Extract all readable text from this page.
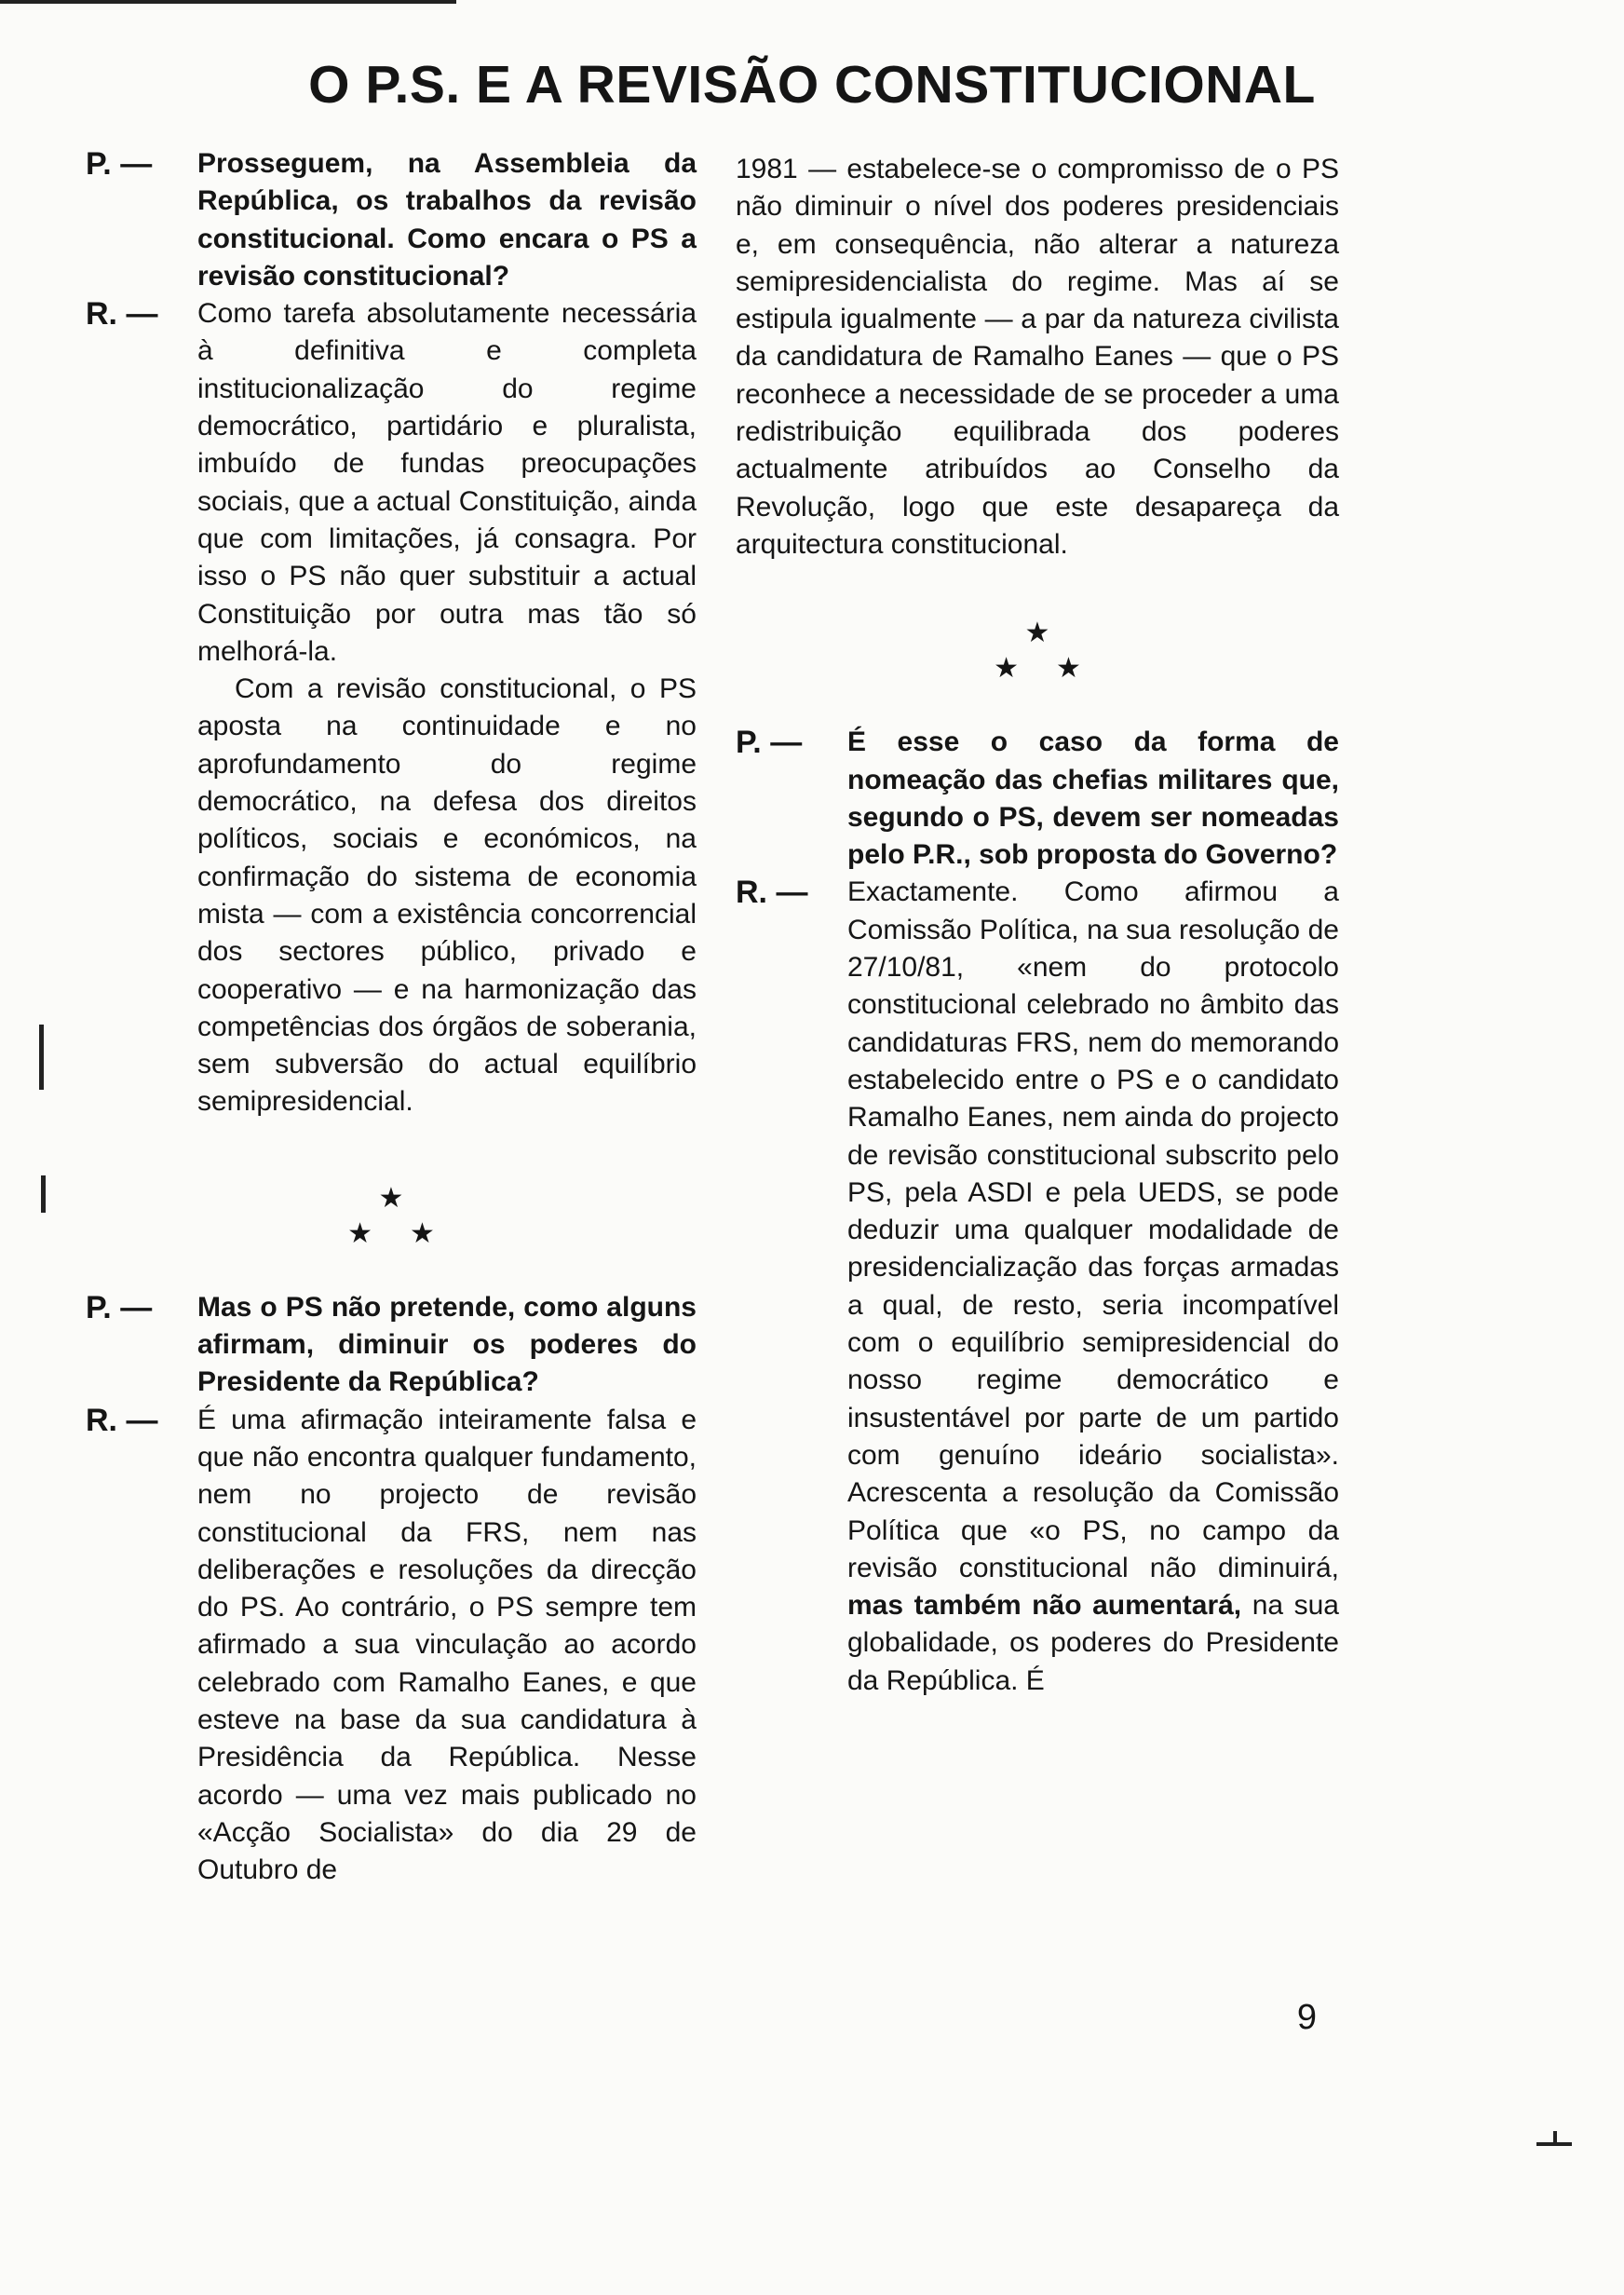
O P.S. E A REVISÃO CONSTITUCIONAL
P. —	Prosseguem, na Assembleia da República, os trabalhos da revisão constitucional. Como encara o PS a revisão constitucional?
R. —	Como tarefa absolutamente necessária à definitiva e completa institucionalização do regime democrático, partidário e pluralista, imbuído de fundas preocupações sociais, que a actual Constituição, ainda que com limitações, já consagra. Por isso o PS não quer substituir a actual Constituição por outra mas tão só melhorá-la.

Com a revisão constitucional, o PS aposta na continuidade e no aprofundamento do regime democrático, na defesa dos direitos políticos, sociais e económicos, na confirmação do sistema de economia mista — com a existência concorrencial dos sectores público, privado e cooperativo — e na harmonização das competências dos órgãos de soberania, sem subversão do actual equilíbrio semipresidencial.

★
★★
P. —	Mas o PS não pretende, como alguns afirmam, diminuir os poderes do Presidente da República?
R. —	É uma afirmação inteiramente falsa e que não encontra qualquer fundamento, nem no projecto de revisão constitucional da FRS, nem nas deliberações e resoluções da direcção do PS. Ao contrário, o PS sempre tem afirmado a sua vinculação ao acordo celebrado com Ramalho Eanes, e que esteve na base da sua candidatura à Presidência da República. Nesse acordo — uma vez mais publicado no «Acção Socialista» do dia 29 de Outubro de

1981 — estabelece-se o compromisso de o PS não diminuir o nível dos poderes presidenciais e, em consequência, não alterar a natureza semipresidencialista do regime. Mas aí se estipula igualmente — a par da natureza civilista da candidatura de Ramalho Eanes — que o PS reconhece a necessidade de se proceder a uma redistribuição equilibrada dos poderes actualmente atribuídos ao Conselho da Revolução, logo que este desapareça da arquitectura constitucional.

★
★★
P. —	É esse o caso da forma de nomeação das chefias militares que, segundo o PS, devem ser nomeadas pelo P.R., sob proposta do Governo?
R. —	Exactamente. Como afirmou a Comissão Política, na sua resolução de 27/10/81, «nem do protocolo constitucional celebrado no âmbito das candidaturas FRS, nem do memorando estabelecido entre o PS e o candidato Ramalho Eanes, nem ainda do projecto de revisão constitucional subscrito pelo PS, pela ASDI e pela UEDS, se pode deduzir uma qualquer modalidade de presidencialização das forças armadas a qual, de resto, seria incompatível com o equilíbrio semipresidencial do nosso regime democrático e insustentável por parte de um partido com genuíno ideário socialista». Acrescenta a resolução da Comissão Política que «o PS, no campo da revisão constitucional não diminuirá, mas também não aumentará, na sua globalidade, os poderes do Presidente da República. É
9
